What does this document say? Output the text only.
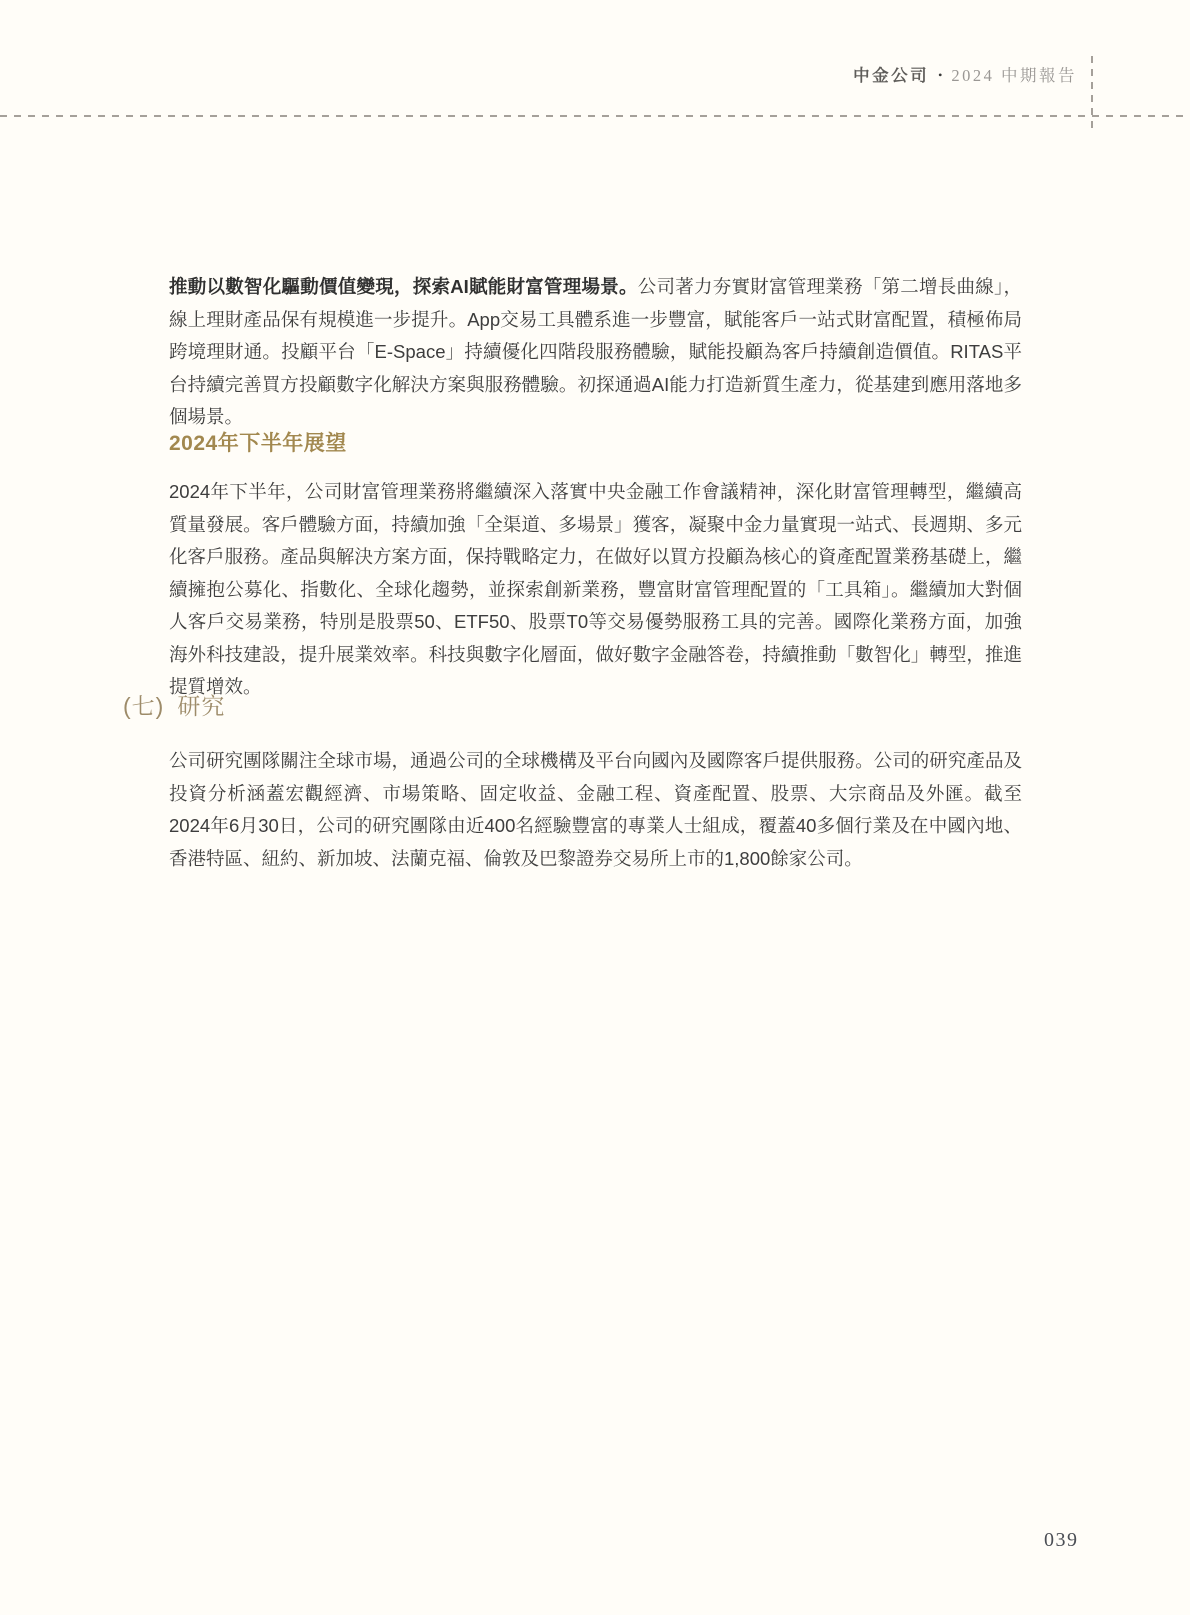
中金公司 • 2024 中期報告

推動以數智化驅動價值變現，探索AI賦能財富管理場景。公司著力夯實財富管理業務「第二增長曲線」，線上理財產品保有規模進一步提升。App交易工具體系進一步豐富，賦能客戶一站式財富配置，積極佈局跨境理財通。投顧平台「E-Space」持續優化四階段服務體驗，賦能投顧為客戶持續創造價值。RITAS平台持續完善買方投顧數字化解決方案與服務體驗。初探通過AI能力打造新質生產力，從基建到應用落地多個場景。

2024年下半年展望

2024年下半年，公司財富管理業務將繼續深入落實中央金融工作會議精神，深化財富管理轉型，繼續高質量發展。客戶體驗方面，持續加強「全渠道、多場景」獲客，凝聚中金力量實現一站式、長週期、多元化客戶服務。產品與解決方案方面，保持戰略定力，在做好以買方投顧為核心的資產配置業務基礎上，繼續擁抱公募化、指數化、全球化趨勢，並探索創新業務，豐富財富管理配置的「工具箱」。繼續加大對個人客戶交易業務，特別是股票50、ETF50、股票T0等交易優勢服務工具的完善。國際化業務方面，加強海外科技建設，提升展業效率。科技與數字化層面，做好數字金融答卷，持續推動「數智化」轉型，推進提質增效。

(七) 研究

公司研究團隊關注全球市場，通過公司的全球機構及平台向國內及國際客戶提供服務。公司的研究產品及投資分析涵蓋宏觀經濟、市場策略、固定收益、金融工程、資產配置、股票、大宗商品及外匯。截至2024年6月30日，公司的研究團隊由近400名經驗豐富的專業人士組成，覆蓋40多個行業及在中國內地、香港特區、紐約、新加坡、法蘭克福、倫敦及巴黎證券交易所上市的1,800餘家公司。

039
